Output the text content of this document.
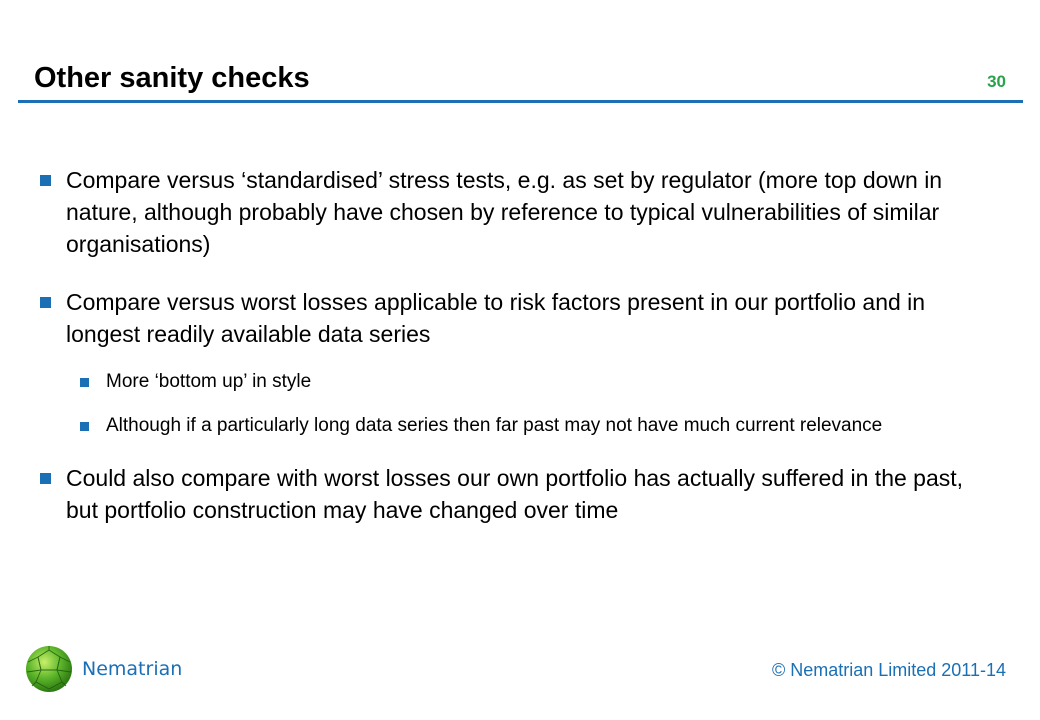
Other sanity checks	30
Compare versus ‘standardised’ stress tests, e.g. as set by regulator (more top down in nature, although probably have chosen by reference to typical vulnerabilities of similar organisations)
Compare versus worst losses applicable to risk factors present in our portfolio and in longest readily available data series
More ‘bottom up’ in style
Although if a particularly long data series then far past may not have much current relevance
Could also compare with worst losses our own portfolio has actually suffered in the past, but portfolio construction may have changed over time
Nematrian	© Nematrian Limited 2011-14
